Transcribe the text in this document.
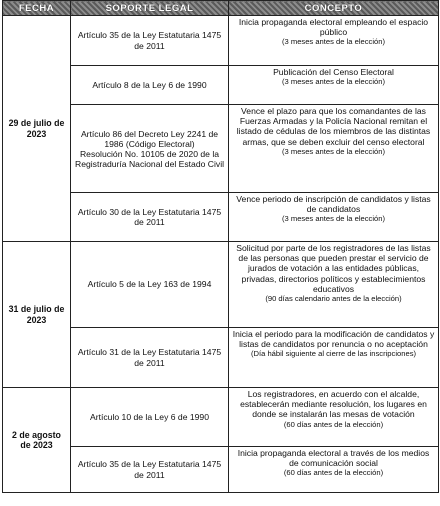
FECHA	SOPORTE LEGAL	CONCEPTO
29 de julio de 2023	Artículo 35 de la Ley Estatutaria 1475 de 2011	Inicia propaganda electoral empleando el espacio público
(3 meses antes de la elección)

	Artículo 8 de la Ley 6 de 1990	Publicación del Censo Electoral
(3 meses antes de la elección)

	Artículo 86 del Decreto Ley 2241 de 1986 (Código Electoral)
Resolución No. 10105 de 2020 de la Registraduría Nacional del Estado Civil	Vence el plazo para que los comandantes de las Fuerzas Armadas y la Policía Nacional remitan el listado de cédulas de los miembros de las distintas armas, que se deben excluir del censo electoral
(3 meses antes de la elección)

	Artículo 30 de la Ley Estatutaria 1475 de 2011	Vence periodo de inscripción de candidatos y listas de candidatos
(3 meses antes de la elección)

31 de julio de 2023	Artículo 5 de la Ley 163 de 1994	Solicitud por parte de los registradores de las listas de las personas que pueden prestar el servicio de jurados de votación a las entidades públicas, privadas, directorios políticos y establecimientos educativos
(90 días calendario antes de la elección)

	Artículo 31 de la Ley Estatutaria 1475 de 2011	Inicia el periodo para la modificación de candidatos y listas de candidatos por renuncia o no aceptación
(Día hábil siguiente al cierre de las inscripciones)

2 de agosto de 2023	Artículo 10 de la Ley 6 de 1990	Los registradores, en acuerdo con el alcalde, establecerán mediante resolución, los lugares en donde se instalarán las mesas de votación
(60 días antes de la elección)

	Artículo 35 de la Ley Estatutaria 1475 de 2011	Inicia propaganda electoral a través de los medios de comunicación social
(60 días antes de la elección)
